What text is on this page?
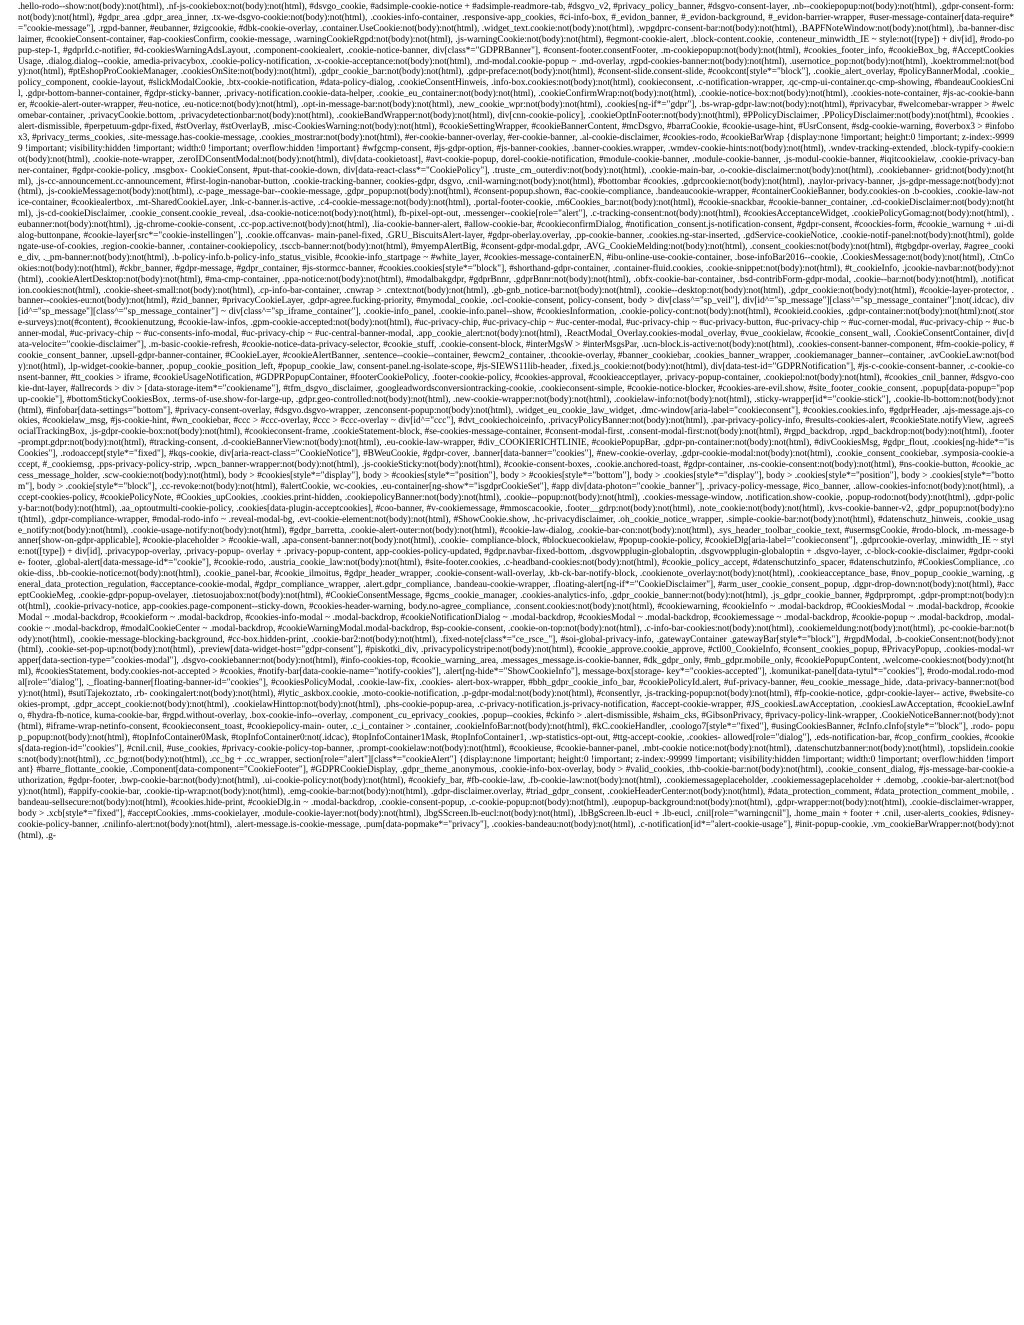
.hello-rodo--show:not(body):not(html), .nf-js-cookiebox:not(body):not(html), #dsvgo_cookie, #adsimple-cookie-notice + #adsimple-readmore-tab, #dsgvo_v2, #privacy_policy_banner, #dsgvo-consent-layer, .nb--cookiepopup:not(body):not(html), .gdpr-consent-form:not(body):not(html), #gdpr_area .gdpr_area_inner, .tx-we-dsgvo-cookie:not(body):not(html), .cookies-info-container, .responsive-app_cookies, #ci-info-box, #_evidon_banner, #_evidon-background, #_evidon-barrier-wrapper, #user-message-container[data-require*="cookie-message"], .rgpd-banner, #eubanner, #zigcookie, #dbk-cookie-overlay, .container.UseCookie:not(body):not(html), .widget_text.cookie:not(body):not(html), .wpgdprc-consent-bar:not(body):not(html), .BAPFNoteWindow:not(body):not(html), .ba-banner-disclaimer, #cookieConsent-container, #ap-cookiesConfirm, cookie-message, .warningCookieRgpd:not(body):not(html), .js-warningCookie:not(body):not(html), #egmont-cookie-alert, .block-content.cookie, .conteneur_minwidth_IE ~ style:not([type]) + div[id], #rodo-popup-step-1, #gdprId.c-notifier, #d-cookiesWarningAdsLayout, .component-cookiealert, .cookie-notice-banner, div[class*="GDPRBanner"], #consent-footer.consentFooter, .m-cookiepopup:not(body):not(html), #cookies_footer_info, #cookieBox_bg, #AcceptCookiesUsage, .dialog.dialog--cookie, amedia-privacybox, .cookie-policy-notification, .x-cookie-acceptance:not(body):not(html), .md-modal.cookie-popup ~ .md-overlay, .rgpd-cookies-banner:not(body):not(html), .usernotice_pop:not(body):not(html), .koektrommel:not(body):not(html), #ptEshopProCookieManager, .cookiesOnSite:not(body):not(html), .gdpr_cookie_bar:not(body):not(html), .gdpr-preface:not(body):not(html), #consent-slide.consent-slide, #cookcont[style*="block"], .cookie_alert_overlay, #policyBannerModal, .cookie_policy_component, cookie-layout, #slickModalCookie, .btx-cookie-notification, #data-policy-dialog, .cookieConsentHinweis, .info-box.cookies:not(body):not(html), cookieconsent, .c-notification-wrapper, .qc-cmp-ui-container.qc-cmp-showing, #bandeauCookiesCnil, .gdpr-bottom-banner-container, #gdpr-sticky-banner, .privacy-notification.cookie-data-helper, .cookie_eu_container:not(body):not(html), .cookieConfirmWrap:not(body):not(html), .cookie-notice-box:not(body):not(html), .cookies-note-container, #js-ac-cookie-banner, #cookie-alert-outer-wrapper, #eu-notice, .eu-notice:not(body):not(html), .opt-in-message-bar:not(body):not(html), .new_cookie_wpr:not(body):not(html), .cookies[ng-if*="gdpr"], .bs-wrap-gdpr-law:not(body):not(html), #privacybar, #welcomebar-wrapper > #welcomebar-container, .privacyCookie.bottom, .privacydetectionbar:not(body):not(html), .cookieBandWrapper:not(body):not(html), div[cnn-cookie-policy], .cookieOptInFooter:not(body):not(html), #PPolicyDisclaimer, .PPolicyDisclaimer:not(body):not(html), #cookies .alert-dismissible, #perpetuum-gdpr-fixed, #stOverlay, #stOverlayB, .misc-CookiesWarning:not(body):not(html), #cookieSettingWrapper, #cookieBannerContent, #mcDsgvo, #barraCookie, #cookie-usage-hint, #UsrConsent, #sdg-cookie-warning, #overbox3 > #infobox3, #privacy_terms_cookies, .site-message.has-cookie-message, .cookies_mostrar:not(body):not(html), #er-cookie-banner-overlay, #er-cookie-banner, .al-cookie-disclaimer, #cookies-rodo, #cookieBarWrap {display:none !important; height:0 !important; z-index:-99999 !important; visibility:hidden !important; width:0 !important; overflow:hidden !important} #wfgcmp-consent, #js-gdpr-option, #js-banner-cookies, .banner-cookies.wrapper, .wmdev-cookie-hints:not(body):not(html), .wndev-tracking-extended, .block-typify-cookie:not(body):not(html), .cookie-note-wrapper, .zeroIDConsentModal:not(body):not(html), div[data-cookietoast], #avt-cookie-popup, dorel-cookie-notification, #module-cookie-banner, .module-cookie-banner, .js-modul-cookie-banner, #iqitcookielaw, .cookie-privacy-banner-container, #gdpr-cookie-policy, .msgbox- CookieConsent, #put-that-cookie-down, div[data-react-class*="CookiePolicy"], .truste_cm_outerdiv:not(body):not(html), .cookie-main-bar, .o-cookie-disclaimer:not(body):not(html), .cookiebanner- grid:not(body):not(html), .js-cc-announcement.cc-announcement, #first-login-nanobar-button, .cookie-tracking-banner, cookies-gdpr, dsgvo, .cnil-warning:not(body):not(html), #bottombar #cookies, .gdprcookie:not(body):not(html), .naylor-privacy-banner, .js-gdpr-message:not(body):not(html), .js-cookieMessage:not(body):not(html), .c-page_message-bar--cookie-message, .gdpr_popup:not(body):not(html), #consent-popup.shown, #ac-cookie-compliance, .bandeaucookie-wrapper, #containerCookieBanner, body.cookies-on .b-cookies, .cookie-law-notice-container, #cookiealertbox, .mt-SharedCookieLayer, .lnk-c-banner.is-active, .c4-cookie-message:not(body):not(html), .portal-footer-cookie, .m6Cookies_bar:not(body):not(html), #cookie-snackbar, #cookie-banner_container, .cd-cookieDisclaimer:not(body):not(html), .js-cd-cookieDisclaimer, .cookie_consent.cookie_reveal, .dsa-cookie-notice:not(body):not(html), fb-pixel-opt-out, .messenger--cookie[role="alert"], .c-tracking-consent:not(body):not(html), #cookiesAcceptanceWidget, .cookiePolicyGomag:not(body):not(html), .eubanner:not(body):not(html), .jg-chrome-cookie-consent, .cc-pop.active:not(body):not(html), .lia-cookie-banner-alert, #allow-cookie-bar, #cookieconfirmDialog, #notification_consent.js-notification-consent, #gdpr-consent, #coockies-form, #cookie_warnung + .ui-dialog-buttonpane, #cookie-layer[src*="cookie-instellingen"], .cookie.offcanvas- main-panel-fixed, .GRU_BiscuitsAlert-layer, #gdpr-oberlay.overlay, .pp-cookie-banner, .cookies.ng-star-inserted, .gdService-cookieNotice, .cookie-notif-panel:not(body):not(html), goldengate-use-of-cookies, .region-cookie-banner, .container-cookiepolicy, .tsccb-banner:not(body):not(html), #myempAlertBig, #consent-gdpr-modal.gdpr, .AVG_CookieMelding:not(body):not(html), .consent_cookies:not(body):not(html), #tgbgdpr-overlay, #agree_cookie_div, ._pm-banner:not(body):not(html), .b-policy-info.b-policy-info_status_visible, #cookie-info_startpage ~ #white_layer, #cookies-message-containerEN, #ibu-online-use-cookie-container, .bose-infoBar2016--cookie, .CookiesMessage:not(body):not(html), .CtnCookies:not(body):not(html), #ckbr_banner, #gdpr-message, #gdpr_container, #js-stormcc-banner, #cookies.cookies[style*="block"], #shorthand-gdpr-container, .container-fluid.cookies, .cookie-snippet:not(body):not(html), #t_cookieInfo, .jcookie-navbar:not(body):not(html), .cookieAlertDesktop:not(body):not(html), #ma-cmp-container, .ppa-notice:not(body):not(html), #modalbakgdpr, #gdprBnnr, .gdprBnnr:not(body):not(html), .obfx-cookie-bar-container, .bsd-contribForm-gdpr-modal, .cookie--bar:not(body):not(html), .notification.cookies:not(html), .cookie-sheet-small:not(body):not(html), .cp-info-bar-container, .cnwrap > .cntext:not(body):not(html), .gb-gnb_notice-bar:not(body):not(html), .cookie--desktop:not(body):not(html), .gdpr_cookie:not(body):not(html), #cookie-layer-protector, .banner--cookies-eu:not(body):not(html), #zid_banner, #privacyCookieLayer, .gdpr-agree.fucking-priority, #mymodal_cookie, .ocl-cookie-consent, policy-consent, body > div[class^="sp_veil"], div[id^="sp_message"][class^="sp_message_container"]:not(.idcac), div[id^="sp_message"][class^="sp_message_container"] ~ div[class^="sp_iframe_container"], .cookie-info_panel, .cookie-info.panel--show, #cookiesInformation, .cookie-policy-cont:not(body):not(html), #cookieid.cookies, .gdpr-container:not(body):not(html):not(.store-surveys):not(#content), #cookienutzung, #cookie-law-infos, .gpm-cookie-accepted:not(body):not(html), #uc-privacy-chip, #uc-privacy-chip ~ #uc-center-modal, #uc-privacy-chip ~ #uc-privacy-button, #uc-privacy-chip ~ #uc-corner-modal, #uc-privacy-chip ~ #uc-banner-modal, #uc-privacy-chip ~ #uc-consents-info-modal, #uc-privacy-chip ~ #uc-central-banner-modal, .app_cookie_alert:not(body):not(html), .ReactModal_Overlay.cookies-modal_overlay, #vue_cookielaw, #cookie_consent_wall, .CookieConsentContainer, div[data-velocite="cookie-disclaimer"], .m-basic-cookie-refresh, #cookie-notice-data-privacy-selector, #cookie_stuff, .cookie-consent-block, #interMgsW > #interMsgsPar, .ucn-block.is-active:not(body):not(html), .cookies-consent-banner-component, #fm-cookie-policy, #cookie_consent_banner, .upsell-gdpr-banner-container, #CookieLayer, #cookieAlertBanner, .sentence--cookie--container, #ewcm2_container, .thcookie-overlay, #banner_cookiebar, .cookies_banner_wrapper, .cookiemanager_banner--container, .avCookieLaw:not(body):not(html), .lp-widget-cookie-banner, .popup_cookie_position_left, #popup_cookie_law, consent-panel.ng-isolate-scope, #js-SIEWS11lib-header, .fixed.js_cookie:not(body):not(html), div[data-test-id="GDPRNotification"], #js-c-cookie-consent-banner, .c-cookie-consent-banner, #tt_cookies > iframe, #cookieUsageNotification, #GDPRPopupContainer, #footerCookiePolicy, .footer-cookie-policy, #cookies-approval, #cookieacceptlayer, .privacy-popup-container, .cookiepol:not(body):not(html), #cookies_cnil_banner, #dsgvo-cookie-dnt-layer, #allrecords > div > [data-storage-item*="cookiename"], #tfm_dsgvo_disclaimer, .googleadwordsconversiontracking-cookie, .cookieconsent-simple, #cookie-notice-blocker, #cookies-are-evil.show, #site_footer_cookie_consent, .popup[data-popup="popup-cookie"], #bottomStickyCookiesBox, .terms-of-use.show-for-large-up, .gdpr.geo-controlled:not(body):not(html), .new-cookie-wrapper:not(body):not(html), .cookielaw-info:not(body):not(html), .sticky-wrapper[id*="cookie-stick"], .cookie-lb-bottom:not(body):not(html), #infobar[data-settings="bottom"], #privacy-consent-overlay, #dsgvo.dsgvo-wrapper, .zenconsent-popup:not(body):not(html), .widget_eu_cookie_law_widget, .dmc-window[aria-label="cookieconsent"], #cookies.cookies.info, #gdprHeader, .ajs-message.ajs-cookies, #cookielaw_msg, #js-cookie-hint, #wn_cookiebar, #ccc > #ccc-overlay, #ccc > #ccc-overlay ~ div[id^="ccc"], #dvt_cookiechoiceinfo, .privacyPolicyBanner:not(body):not(html), .par-privacy-policy-info, #results-cookies-alert, #cookieState.notifyView, .agreeSocialTrackingBox, .js-gdpr-cookie-box:not(body):not(html), #cookieconsent-frame, .cookieStatement-block, #se-cookies-message-container, #consent-modal-first, .consent-modal-first:not(body):not(html), #rgpd_backdrop, .rgpd_backdrop:not(body):not(html), .footer-prompt.gdpr:not(body):not(html), #tracking-consent, .d-cookieBannerView:not(body):not(html), .eu-cookie-law-wrapper, #div_COOKIERICHTLINIE, #cookiePopupBar, .gdpr-pn-container:not(body):not(html), #divCookiesMsg, #gdpr_flout, .cookies[ng-hide*="isCookies"], .rodoaccept[style*="fixed"], #kqs-cookie, div[aria-react-class="CookieNotice"], #BWeuCookie, #gdpr-cover, .banner[data-banner="cookies"], #new-cookie-overlay, .gdpr-cookie-modal:not(body):not(html), .cookie_consent_cookiebar, .symposia-cookie-accept, #_cookiemsg, .pps-privacy-policy-strip, .wpcn_banner-wrapper:not(body):not(html), .js-cookieSticky:not(body):not(html), #cookie-consent-boxes, .cookie.anchored-toast, #gdpr-container, .ns-cookie-consent:not(body):not(html), #ns-cookie-button, #cookie_access_message_holder, .scw-cookie:not(body):not(html), body > #cookies[style*="display"], body > #cookies[style*="position"], body > #cookies[style*="bottom"], body > .cookies[style*="display"], body > .cookies[style*="position"], body > .cookies[style*="bottom"], body > .cookie[style*="block"], .cc-revoke:not(body):not(html), #alertCookie, wc-cookies, .eu-container[ng-show*="isgdprCookieSet"], #app div[data-photon="cookie_banner"], .privacy-policy-message, #ico_banner, .allow-cookies-info:not(body):not(html), .accept-cookies-policy, #cookiePolicyNote, #Cookies_upCookies, .cookies.print-hidden, .cookiepolicyBanner:not(body):not(html), .cookie--popup:not(body):not(html), .cookies-message-window, .notification.show-cookie, .popup-rodo:not(body):not(html), .gdpr-policy-bar:not(body):not(html), .aa_optoutmulti-cookie-policy, .cookies[data-plugin-acceptcookies], #coo-banner, #v-cookiemessage, #mmoscacookie, .footer__gdrp:not(body):not(html), .note_cookie:not(body):not(html), .kvs-cookie-banner-v2, .gdpr_popup:not(body):not(html), .gdpr-compliance-wrapper, #modal-rodo-info ~ .reveal-modal-bg, .evt-cookie-element:not(body):not(html), #ShowCookie.show, .hc-privacydisclaimer, .oh_cookie_notice_wrapper, .simple-cookie-bar:not(body):not(html), #datenschutz_hinweis, .cookie_usage_notify:not(body):not(html), .cookie-usage-notify:not(body):not(html), #gdpr_barretta, .cookie-alert-outer:not(body):not(html), #cookie-law-dialog, .cookie-bar-con:not(body):not(html), .sys_header_toolbar_cookie_text, #usermsgCookie, #rodo-block, .m-message-banner[show-on-gdpr-applicable], #cookie-placeholder > #cookie-wall, .apa-consent-banner:not(body):not(html), .cookie- compliance-block, #blockuecookielaw, #popup-cookie-policy, #cookieDlg[aria-label="cookieconsent"], .gdprcookie-overlay, .minwidth_IE ~ style:not([type]) + div[id], .privacypop-overlay, .privacy-popup- overlay + .privacy-popup-content, app-cookies-policy-updated, #gdpr.navbar-fixed-bottom, .dsgvowpplugin-globaloptin, .dsgvowpplugin-globaloptin + .dsgvo-layer, .c-block-cookie-disclaimer, #gdpr-cookie- footer, .global-alert[data-message-id*="cookie"], #cookie-rodo, .austria_cookie_law:not(body):not(html), #site-footer.cookies, .c-headband-cookies:not(body):not(html), #cookie_policy_accept, #datenschutzinfo_spacer, #datenschutzinfo, #CookiesCompliance, .cookie-diss, .bb-cookie-notice:not(body):not(html), .cookie_panel-bar, #cookie_ilmoitus, #gdpr_header_wrapper, .cookie-consent-wall-overlay, .kb-ck-bar-notify-block, .cookienote_overlay:not(body):not(html), .cookieacceptance_base, #nov_popup_cookie_warning, .general_data_protection_regulation, #acceptance-cookie-modal, #gdpr_compliance_wrapper, .alert.gdpr_compliance, .bandeau-cookie-wrapper, .floating-alert[ng-if*="CookieDisclaimer"], #arm_user_cookie_consent_popup, .dgpr-drop-down:not(body):not(html), #acceptCookieMeg, .cookie-gdpr-popup-ovelayer, .tietosuojabox:not(body):not(html), #CookieConsentMessage, #gcms_cookie_manager, .cookies-analytics-info, .gdpr_cookie_banner:not(body):not(html), .js_gdpr_cookie_banner, #gdprprompt, .gdpr-prompt:not(body):not(html), .cookie-privacy-notice, app-cookies.page-component--sticky-down, #cookies-header-warning, body.no-agree_compliance, .consent.cookies:not(body):not(html), #cookiewarning, #cookieInfo ~ .modal-backdrop, #CookiesModal ~ .modal-backdrop, #cookieModal ~ .modal-backdrop, #cookieform ~ .modal-backdrop, #cookies-info-modal ~ .modal-backdrop, #cookieNotificationDialog ~ .modal-backdrop, #cookiesModal ~ .modal-backdrop, #cookiemessage ~ .modal-backdrop, #cookie-popup ~ .modal-backdrop, .modal-cookie ~ .modal-backdrop, #modalCookieCenter ~ .modal-backdrop, #cookieWarningModal.modal-backdrop, #sp-cookie-consent, .cookie-on-top:not(body):not(html), .c-info-bar-cookies:not(body):not(html), .cookiemeldung:not(body):not(html), .pc-cookie-bar:not(body):not(html), .cookie-message-blocking-background, #cc-box.hidden-print, .cookie-bar2:not(body):not(html), .fixed-note[class*="ce_rsce_"], #soi-global-privacy-info, .gatewayContainer .gatewayBar[style*="block"], #rgpdModal, .b-cookieConsent:not(body):not(html), .cookie-set-pop-up:not(body):not(html), .preview[data-widget-host="gdpr-consent"], #piskotki_div, .privacypolicystripe:not(body):not(html), #cookie_approve.cookie_approve, #ctl00_CookieInfo, #consent_cookies_popup, #PrivacyPopup, .cookies-modal-wrapper[data-section-type="cookies-modal"], .dsgvo-cookiebanner:not(body):not(html), #info-cookies-top, #cookie_warning_area, .messages_message.is-cookie-banner, #dk_gdpr_only, #mb_gdpr.mobile_only, #cookiePopupContent, .welcome-cookies:not(body):not(html), #cookiesStatement, body.cookies-not-accepted > #cookies, #notify-bar[data-cookie-name="notify-cookies"], .alert[ng-hide*="ShowCookieInfo"], message-box[storage- key*="cookies-accepted"], .komunikat-panel[data-tytul*="cookies"], #rodo-modal.rodo-modal[role="dialog"], ._floating-banner[floating-banner-id="cookies"], #cookiesPolicyModal, .cookie-law-fix, .cookies- alert-box-wrapper, #bbh_gdpr_cookie_info_bar, #cookiePolicyId.alert, #uf-privacy-banner, #eu_cookie_message_hide, .data-privacy-banner:not(body):not(html), #sutiTajekoztato, .rb- cookingalert:not(body):not(html), #lytic_askbox.cookie, .moto-cookie-notification, .p-gdpr-modal:not(body):not(html), #consentlyr, .js-tracking-popup:not(body):not(html), #fp-cookie-notice, .gdpr-cookie-layer-- active, #website-cookies-prompt, .gdpr_accept_cookie:not(body):not(html), .cookielawHinttop:not(body):not(html), .phs-cookie-popup-area, .c-privacy-notification.js-privacy-notification, #accept-cookie-wrapper, #JS_cookiesLawAcceptation, .cookiesLawAcceptation, #cookieLawInfo, #hydra-fb-notice, kuma-cookie-bar, #rgpd.without-overlay, .box-cookie-info--overlay, .component_cu_eprivacy_cookies, .popup--cookies, #ckinfo > .alert-dismissible, #shaim_cks, #GibsonPrivacy, #privacy-policy-link-wrapper, .CookieNoticeBanner:not(body):not(html), #iframe-wrap-netinfo-consent, #cookieconsent_toast, #cookiepolicy-main- outer, .c_i_container > .container, .cookieInfoBar:not(body):not(html), #kC.cookieHandler, .coologo7[style*="fixed"], #usingCookiesBanner, #cInfo.cInfo[style*="block"], .rodo- popup_popup:not(body):not(html), #topInfoContainer0Mask, #topInfoContainer0:not(.idcac), #topInfoContainer1Mask, #topInfoContainer1, .wp-statistics-opt-out, #ttg-accept-cookie, .cookies- allowed[role="dialog"], .eds-notification-bar, #cop_confirm_cookies, #cookies[data-region-id="cookies"], #cnil.cnil, #use_cookies, #privacy-cookie-policy-top-banner, .prompt-cookielaw:not(body):not(html), #cookieuse, #cookie-banner-panel, .mbt-cookie notice:not(body):not(html), .datenschutzbanner:not(body):not(html), .topslidein.cookies:not(body):not(html), .cc_bg:not(body):not(html), .cc_bg + .cc_wrapper, section[role="alert"][class*="cookieAlert"] {display:none !important; height:0 !important; z-index:-99999 !important; visibility:hidden !important; width:0 !important; overflow:hidden !important} #barre_flottante_cookie, .Component[data-component="CookieFooter"], #GDPRCookieDisplay, .gdpr_theme_anonymous, .cookie-info-box-overlay, body > #valid_cookies, .thb-cookie-bar:not(body):not(html), .cookie_consent_dialog, #js-message-bar-cookie-authorization, #gdpr-footer, .bwp-cookie-bar:not(body):not(html), .ui-cookie-policy:not(body):not(html), #cookiefy_bar, #fb-cookie-law, .fb-cookie-law:not(body):not(html), .cookiemessageplaceholder, .cookiemessageplaceholder + .demobg, .cookie-bar-alert:not(body):not(html), #appify-cookie-bar, .cookie-tip-wrap:not(body):not(html), .emg-cookie-bar:not(body):not(html), .gdpr-disclaimer.overlay, #triad_gdpr_consent, .cookieHeaderCenter:not(body):not(html), #data_protection_comment, #data_protection_comment_mobile, .bandeau-sellsecure:not(body):not(html), #cookies.hide-print, #cookieDlg.in ~ .modal-backdrop, .cookie-consent-popup, .c-cookie-popup:not(body):not(html), .eupopup-background:not(body):not(html), .gdpr-wrapper:not(body):not(html), .cookie-disclaimer-wrapper, body > .xcb[style*="fixed"], #acceptCookies, .mms-cookielayer, .module-cookie-layer:not(body):not(html), .lbgSScreen.lb-eucl:not(body):not(html), .lbBgScreen.lb-eucl + .lb-eucl, .cnil[role="warningcnil"], .home_main + footer + .cnil, .user-alerts_cookies, #disney-cookie-policy-banner, .cnilinfo-alert:not(body):not(html), .alert-message.is-cookie-message, .pum[data-popmake*="privacy"], .cookies-bandeau:not(body):not(html), .c-notification[id*="alert-cookie-usage"], #init-popup-cookie, .vm_cookieBarWrapper:not(body):not(html), .g-
